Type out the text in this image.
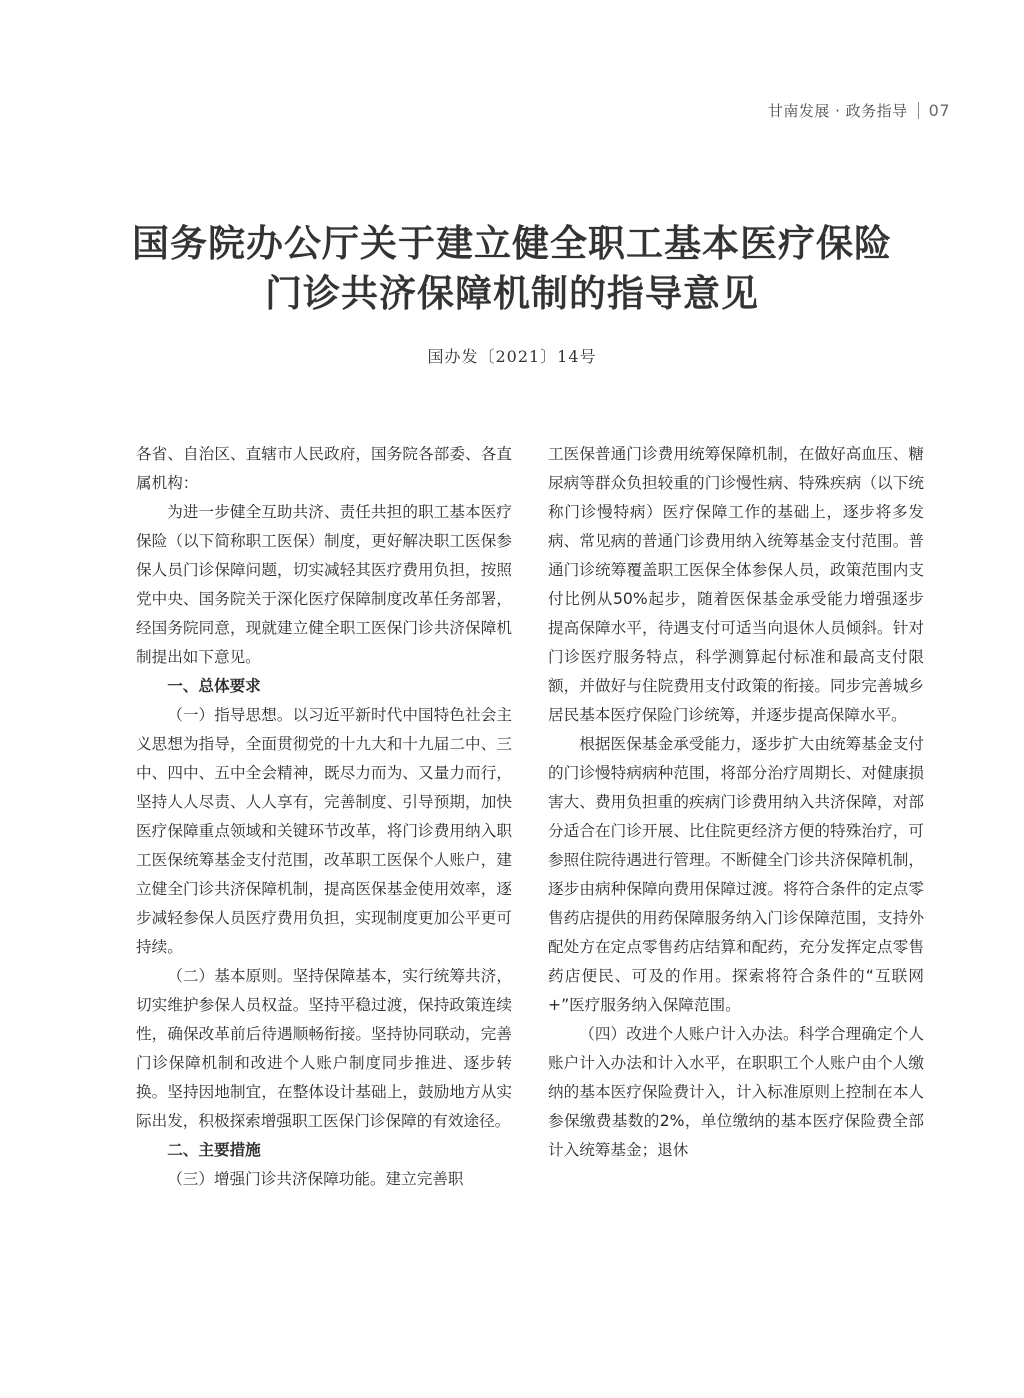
甘南发展 · 政务指导 07
国务院办公厅关于建立健全职工基本医疗保险
门诊共济保障机制的指导意见
国办发〔2021〕14号

各省、自治区、直辖市人民政府，国务院各部委、各直属机构：

为进一步健全互助共济、责任共担的职工基本医疗保险（以下简称职工医保）制度，更好解决职工医保参保人员门诊保障问题，切实减轻其医疗费用负担，按照党中央、国务院关于深化医疗保障制度改革任务部署，经国务院同意，现就建立健全职工医保门诊共济保障机制提出如下意见。

一、总体要求

（一）指导思想。以习近平新时代中国特色社会主义思想为指导，全面贯彻党的十九大和十九届二中、三中、四中、五中全会精神，既尽力而为、又量力而行，坚持人人尽责、人人享有，完善制度、引导预期，加快医疗保障重点领域和关键环节改革，将门诊费用纳入职工医保统筹基金支付范围，改革职工医保个人账户，建立健全门诊共济保障机制，提高医保基金使用效率，逐步减轻参保人员医疗费用负担，实现制度更加公平更可持续。

（二）基本原则。坚持保障基本，实行统筹共济，切实维护参保人员权益。坚持平稳过渡，保持政策连续性，确保改革前后待遇顺畅衔接。坚持协同联动，完善门诊保障机制和改进个人账户制度同步推进、逐步转换。坚持因地制宜，在整体设计基础上，鼓励地方从实际出发，积极探索增强职工医保门诊保障的有效途径。

二、主要措施

（三）增强门诊共济保障功能。建立完善职

工医保普通门诊费用统筹保障机制，在做好高血压、糖尿病等群众负担较重的门诊慢性病、特殊疾病（以下统称门诊慢特病）医疗保障工作的基础上，逐步将多发病、常见病的普通门诊费用纳入统筹基金支付范围。普通门诊统筹覆盖职工医保全体参保人员，政策范围内支付比例从50%起步，随着医保基金承受能力增强逐步提高保障水平，待遇支付可适当向退休人员倾斜。针对门诊医疗服务特点，科学测算起付标准和最高支付限额，并做好与住院费用支付政策的衔接。同步完善城乡居民基本医疗保险门诊统筹，并逐步提高保障水平。

根据医保基金承受能力，逐步扩大由统筹基金支付的门诊慢特病病种范围，将部分治疗周期长、对健康损害大、费用负担重的疾病门诊费用纳入共济保障，对部分适合在门诊开展、比住院更经济方便的特殊治疗，可参照住院待遇进行管理。不断健全门诊共济保障机制，逐步由病种保障向费用保障过渡。将符合条件的定点零售药店提供的用药保障服务纳入门诊保障范围，支持外配处方在定点零售药店结算和配药，充分发挥定点零售药店便民、可及的作用。探索将符合条件的“互联网+”医疗服务纳入保障范围。

（四）改进个人账户计入办法。科学合理确定个人账户计入办法和计入水平，在职职工个人账户由个人缴纳的基本医疗保险费计入，计入标准原则上控制在本人参保缴费基数的2%，单位缴纳的基本医疗保险费全部计入统筹基金；退休
